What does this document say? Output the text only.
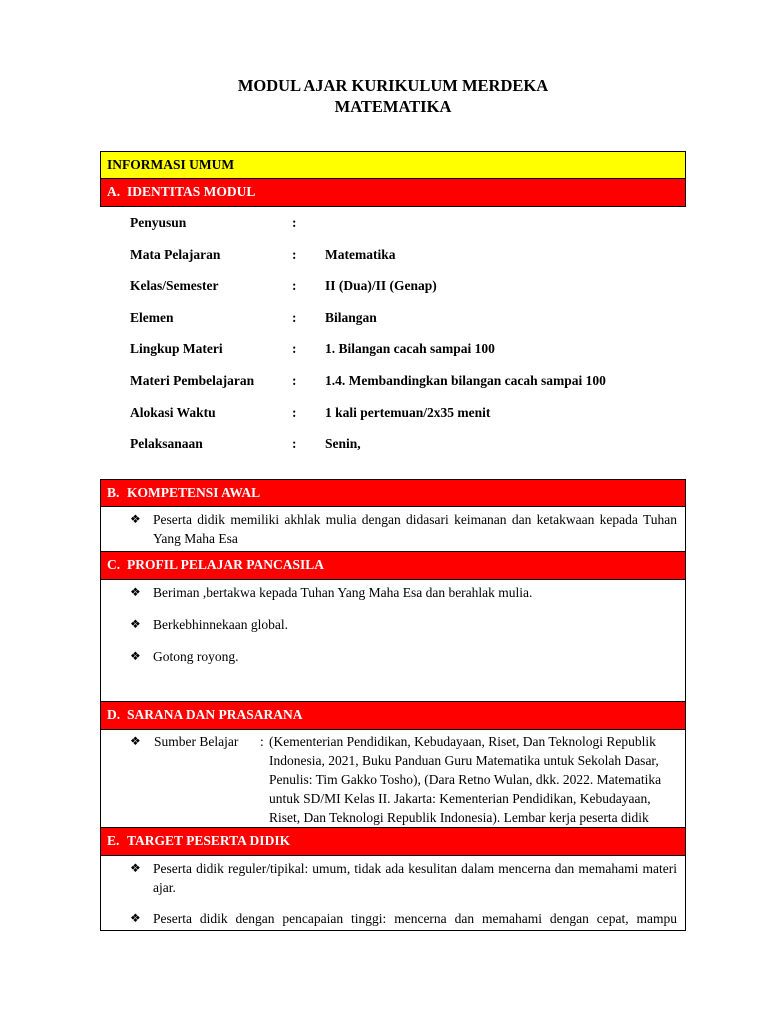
MODUL AJAR KURIKULUM MERDEKA

MATEMATIKA

INFORMASI UMUM
A. IDENTITAS MODUL
Penyusun	:
Mata Pelajaran	: Matematika
Kelas/Semester	: II (Dua)/II (Genap)
Elemen	: Bilangan
Lingkup Materi	: 1. Bilangan cacah sampai 100
Materi Pembelajaran	: 1.4. Membandingkan bilangan cacah sampai 100
Alokasi Waktu	: 1 kali pertemuan/2x35 menit
Pelaksanaan	: Senin,
B. KOMPETENSI AWAL
❖ Peserta didik memiliki akhlak mulia dengan didasari keimanan dan ketakwaan kepada Tuhan Yang Maha Esa
C. PROFIL PELAJAR PANCASILA
❖ Beriman ,bertakwa kepada Tuhan Yang Maha Esa dan berahlak mulia.
❖ Berkebhinnekaan global.
❖ Gotong royong.
D. SARANA DAN PRASARANA
❖ Sumber Belajar : (Kementerian Pendidikan, Kebudayaan, Riset, Dan Teknologi Republik Indonesia, 2021, Buku Panduan Guru Matematika untuk Sekolah Dasar, Penulis: Tim Gakko Tosho), (Dara Retno Wulan, dkk. 2022. Matematika untuk SD/MI Kelas II. Jakarta: Kementerian Pendidikan, Kebudayaan, Riset, Dan Teknologi Republik Indonesia). Lembar kerja peserta didik
E. TARGET PESERTA DIDIK
❖ Peserta didik reguler/tipikal: umum, tidak ada kesulitan dalam mencerna dan memahami materi ajar.
❖ Peserta didik dengan pencapaian tinggi: mencerna dan memahami dengan cepat, mampu
